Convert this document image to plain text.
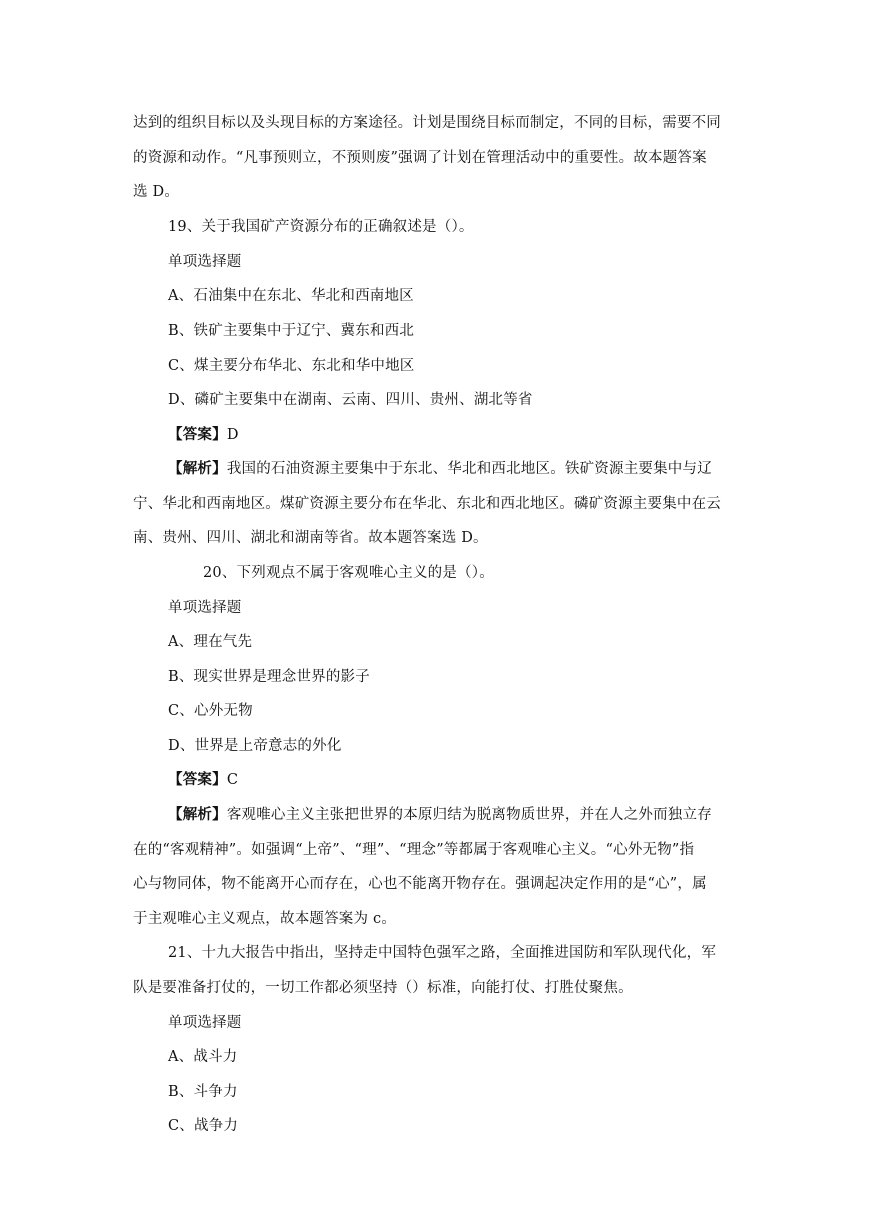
达到的组织目标以及头现目标的方案途径。计划是围绕目标而制定，不同的目标，需要不同
的资源和动作。“凡事预则立，不预则废”强调了计划在管理活动中的重要性。故本题答案
选 D。
19、关于我国矿产资源分布的正确叙述是（）。
单项选择题
A、石油集中在东北、华北和西南地区
B、铁矿主要集中于辽宁、冀东和西北
C、煤主要分布华北、东北和华中地区
D、磷矿主要集中在湖南、云南、四川、贵州、湖北等省
【答案】D
【解析】我国的石油资源主要集中于东北、华北和西北地区。铁矿资源主要集中与辽
宁、华北和西南地区。煤矿资源主要分布在华北、东北和西北地区。磷矿资源主要集中在云
南、贵州、四川、湖北和湖南等省。故本题答案选 D。
20、下列观点不属于客观唯心主义的是（）。
单项选择题
A、理在气先
B、现实世界是理念世界的影子
C、心外无物
D、世界是上帝意志的外化
【答案】C
【解析】客观唯心主义主张把世界的本原归结为脱离物质世界，并在人之外而独立存
在的“客观精神”。如强调“上帝”、“理”、“理念”等都属于客观唯心主义。“心外无物”指
心与物同体，物不能离开心而存在，心也不能离开物存在。强调起决定作用的是“心”，属
于主观唯心主义观点，故本题答案为 c。
21、十九大报告中指出，坚持走中国特色强军之路，全面推进国防和军队现代化，军
队是要准备打仗的，一切工作都必须坚持（）标准，向能打仗、打胜仗聚焦。
单项选择题
A、战斗力
B、斗争力
C、战争力
